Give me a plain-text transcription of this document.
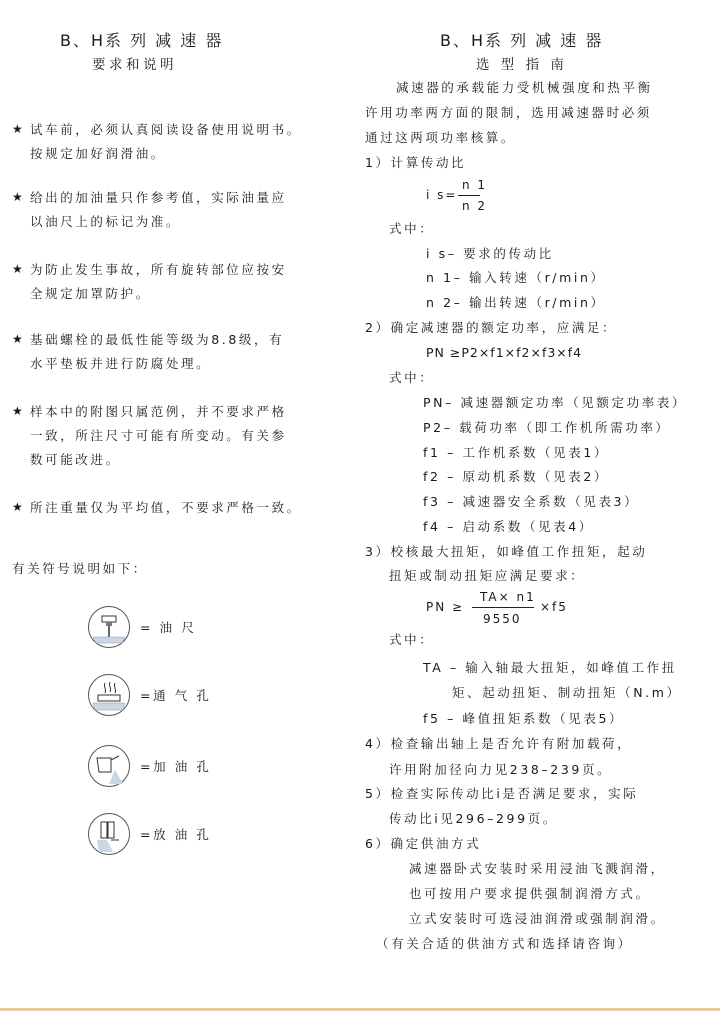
B、H系 列 减 速 器
要求和说明
★ 试车前，必须认真阅读设备使用说明书。
按规定加好润滑油。
★ 给出的加油量只作参考值，实际油量应
以油尺上的标记为准。
★ 为防止发生事故，所有旋转部位应按安
全规定加罩防护。
★ 基础螺栓的最低性能等级为8.8级，有
水平垫板并进行防腐处理。
★ 样本中的附图只属范例，并不要求严格
一致，所注尺寸可能有所变动。有关参
数可能改进。
★ 所注重量仅为平均值，不要求严格一致。
有关符号说明如下：
= 油 尺
=通 气 孔
=加 油 孔
=放 油 孔
B、H系 列 减 速 器
选 型 指 南
减速器的承载能力受机械强度和热平衡
许用功率两方面的限制，选用减速器时必须
通过这两项功率核算。
1）计算传动比
i s=
n 1
n 2
式中：
i s– 要求的传动比
n 1– 输入转速（r/min）
n 2– 输出转速（r/min）
2）确定减速器的额定功率，应满足：
PN ≥P2×f1×f2×f3×f4
式中：
PN– 减速器额定功率（见额定功率表）
P2– 载荷功率（即工作机所需功率）
f1 – 工作机系数（见表1）
f2 – 原动机系数（见表2）
f3 – 减速器安全系数（见表3）
f4 – 启动系数（见表4）
3）校核最大扭矩，如峰值工作扭矩，起动
扭矩或制动扭矩应满足要求：
PN ≥
TA× n1
9550
×f5
式中：
TA – 输入轴最大扭矩，如峰值工作扭
矩、起动扭矩、制动扭矩（N.m）
f5 – 峰值扭矩系数（见表5）
4）检查输出轴上是否允许有附加载荷，
许用附加径向力见238–239页。
5）检查实际传动比i是否满足要求，实际
传动比i见296–299页。
6）确定供油方式
减速器卧式安装时采用浸油飞溅润滑，
也可按用户要求提供强制润滑方式。
立式安装时可选浸油润滑或强制润滑。
（有关合适的供油方式和选择请咨询）
